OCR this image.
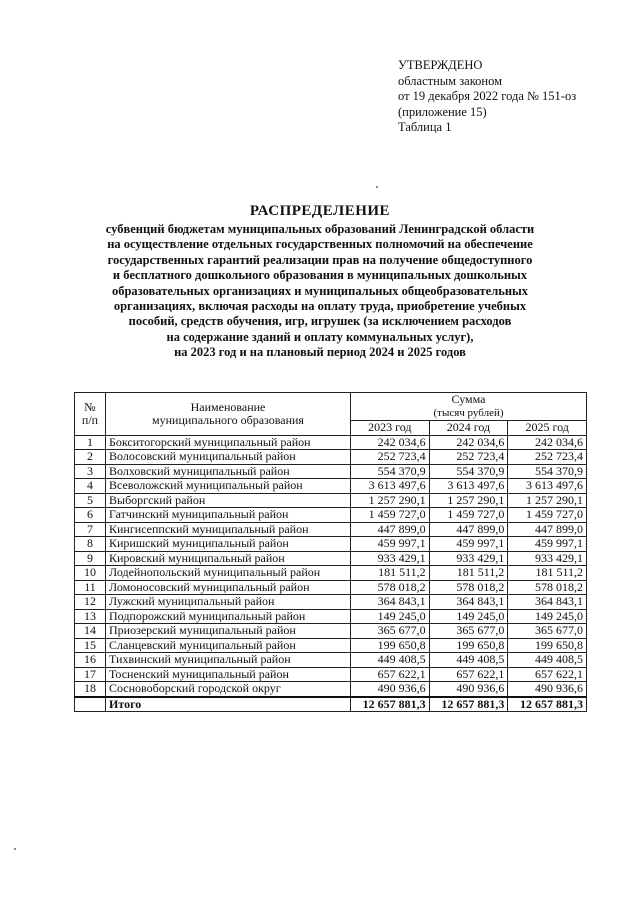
УТВЕРЖДЕНО
областным законом
от 19 декабря 2022 года № 151-оз
(приложение 15)
Таблица 1
РАСПРЕДЕЛЕНИЕ
субвенций бюджетам муниципальных образований Ленинградской области
на осуществление отдельных государственных полномочий на обеспечение
государственных гарантий реализации прав на получение общедоступного
и бесплатного дошкольного образования в муниципальных дошкольных
образовательных организациях и муниципальных общеобразовательных
организациях, включая расходы на оплату труда, приобретение учебных
пособий, средств обучения, игр, игрушек (за исключением расходов
на содержание зданий и оплату коммунальных услуг),
на 2023 год и на плановый период 2024 и 2025 годов
№
п/п	Наименование
муниципального образования	Сумма		
		(тысяч рублей)		
		2023 год	2024 год	2025 год
1	Бокситогорский муниципальный район	242 034,6	242 034,6	242 034,6
2	Волосовский муниципальный район	252 723,4	252 723,4	252 723,4
3	Волховский муниципальный район	554 370,9	554 370,9	554 370,9
4	Всеволожский муниципальный район	3 613 497,6	3 613 497,6	3 613 497,6
5	Выборгский район	1 257 290,1	1 257 290,1	1 257 290,1
6	Гатчинский муниципальный район	1 459 727,0	1 459 727,0	1 459 727,0
7	Кингисеппский муниципальный район	447 899,0	447 899,0	447 899,0
8	Киришский муниципальный район	459 997,1	459 997,1	459 997,1
9	Кировский муниципальный район	933 429,1	933 429,1	933 429,1
10	Лодейнопольский муниципальный район	181 511,2	181 511,2	181 511,2
11	Ломоносовский муниципальный район	578 018,2	578 018,2	578 018,2
12	Лужский муниципальный район	364 843,1	364 843,1	364 843,1
13	Подпорожский муниципальный район	149 245,0	149 245,0	149 245,0
14	Приозерский муниципальный район	365 677,0	365 677,0	365 677,0
15	Сланцевский муниципальный район	199 650,8	199 650,8	199 650,8
16	Тихвинский муниципальный район	449 408,5	449 408,5	449 408,5
17	Тосненский муниципальный район	657 622,1	657 622,1	657 622,1
18	Сосновоборский городской округ	490 936,6	490 936,6	490 936,6
	Итого	12 657 881,3	12 657 881,3	12 657 881,3
